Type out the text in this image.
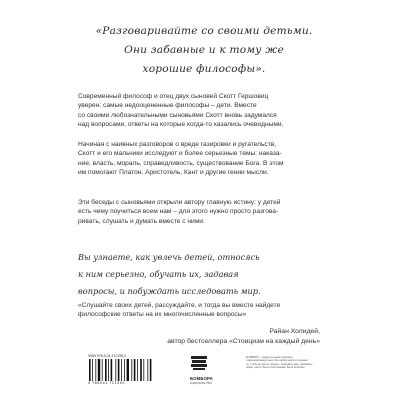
«Разговаривайте со своими детьми.
Они забавные и к тому же
хорошие философы».
Современный философ и отец двух сыновей Скотт Гершовиц
уверен: самые недооцененные философы – дети. Вместе
со своими любознательными сыновьями Скотт вновь задумался
над вопросами, ответы на которые когда-то казались очевидными.
Начиная с наивных разговоров о вреде газировки и ругательств,
Скотт и его мальчики исследуют и более серьезные темы: наказа-
ние, власть, мораль, справедливость, существование Бога. В этом
им помогают Платон, Аристотель, Кант и другие гении мысли.
Эти беседы с сыновьями открыли автору главную истину: у детей
есть чему поучиться всем нам – для этого нужно просто разгова-
ривать, слушать и думать вместе с ними.
Вы узнаете, как увлечь детей, относясь
к ним серьезно, обучать их, задавая
вопросы, и побуждать исследовать мир.
«Слушайте своих детей, рассуждайте, и тогда вы вместе найдете
философские ответы на их многочисленные вопросы»
Райан Холидей,
автор бестселлера «Стоицизм на каждый день»
ISBN 978-5-04-172198-2
9 785041 721992
БОМБОРА
ИЗДАТЕЛЬСТВО
БОМБОРА – лидер на рынке полезных
и вдохновляющих книг. Мы любим книги и создаем
их, чтобы вы могли творить, открывать мир, пробовать
новое, расти. Быть счастливыми. Быть на волне.
